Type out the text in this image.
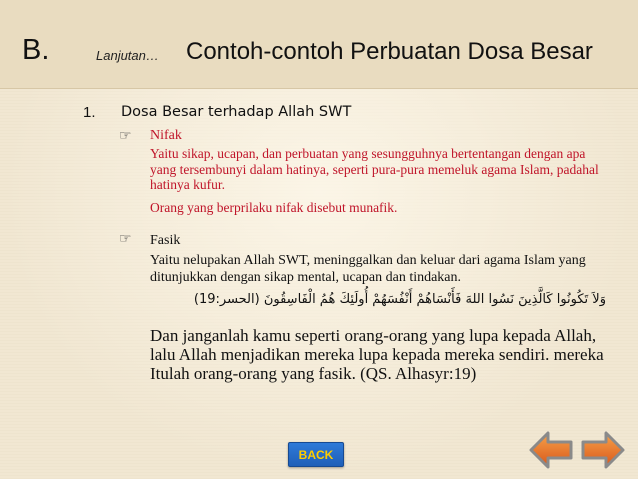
B.	Lanjutan… Contoh-contoh Perbuatan Dosa Besar
1. Dosa Besar terhadap Allah SWT
☞ Nifak
Yaitu sikap, ucapan, dan perbuatan yang sesungguhnya bertentangan dengan apa yang tersembunyi dalam hatinya, seperti pura-pura memeluk agama Islam, padahal hatinya kufur.
Orang yang berprilaku nifak disebut munafik.
☞ Fasik
Yaitu nelupakan Allah SWT, meninggalkan dan keluar dari agama Islam yang ditunjukkan dengan sikap mental, ucapan dan tindakan.
وَلاَ تَكُونُوا كَالَّذِينَ نَسُوا اللهَ فَأَنْسَاهُمْ أَنْفُسَهُمْ أُولَئِكَ هُمُ الْفَاسِقُونَ (الحسر:19)
Dan janganlah kamu seperti orang-orang yang lupa kepada Allah, lalu Allah menjadikan mereka lupa kepada mereka sendiri. mereka Itulah orang-orang yang fasik. (QS. Alhasyr:19)
BACK
